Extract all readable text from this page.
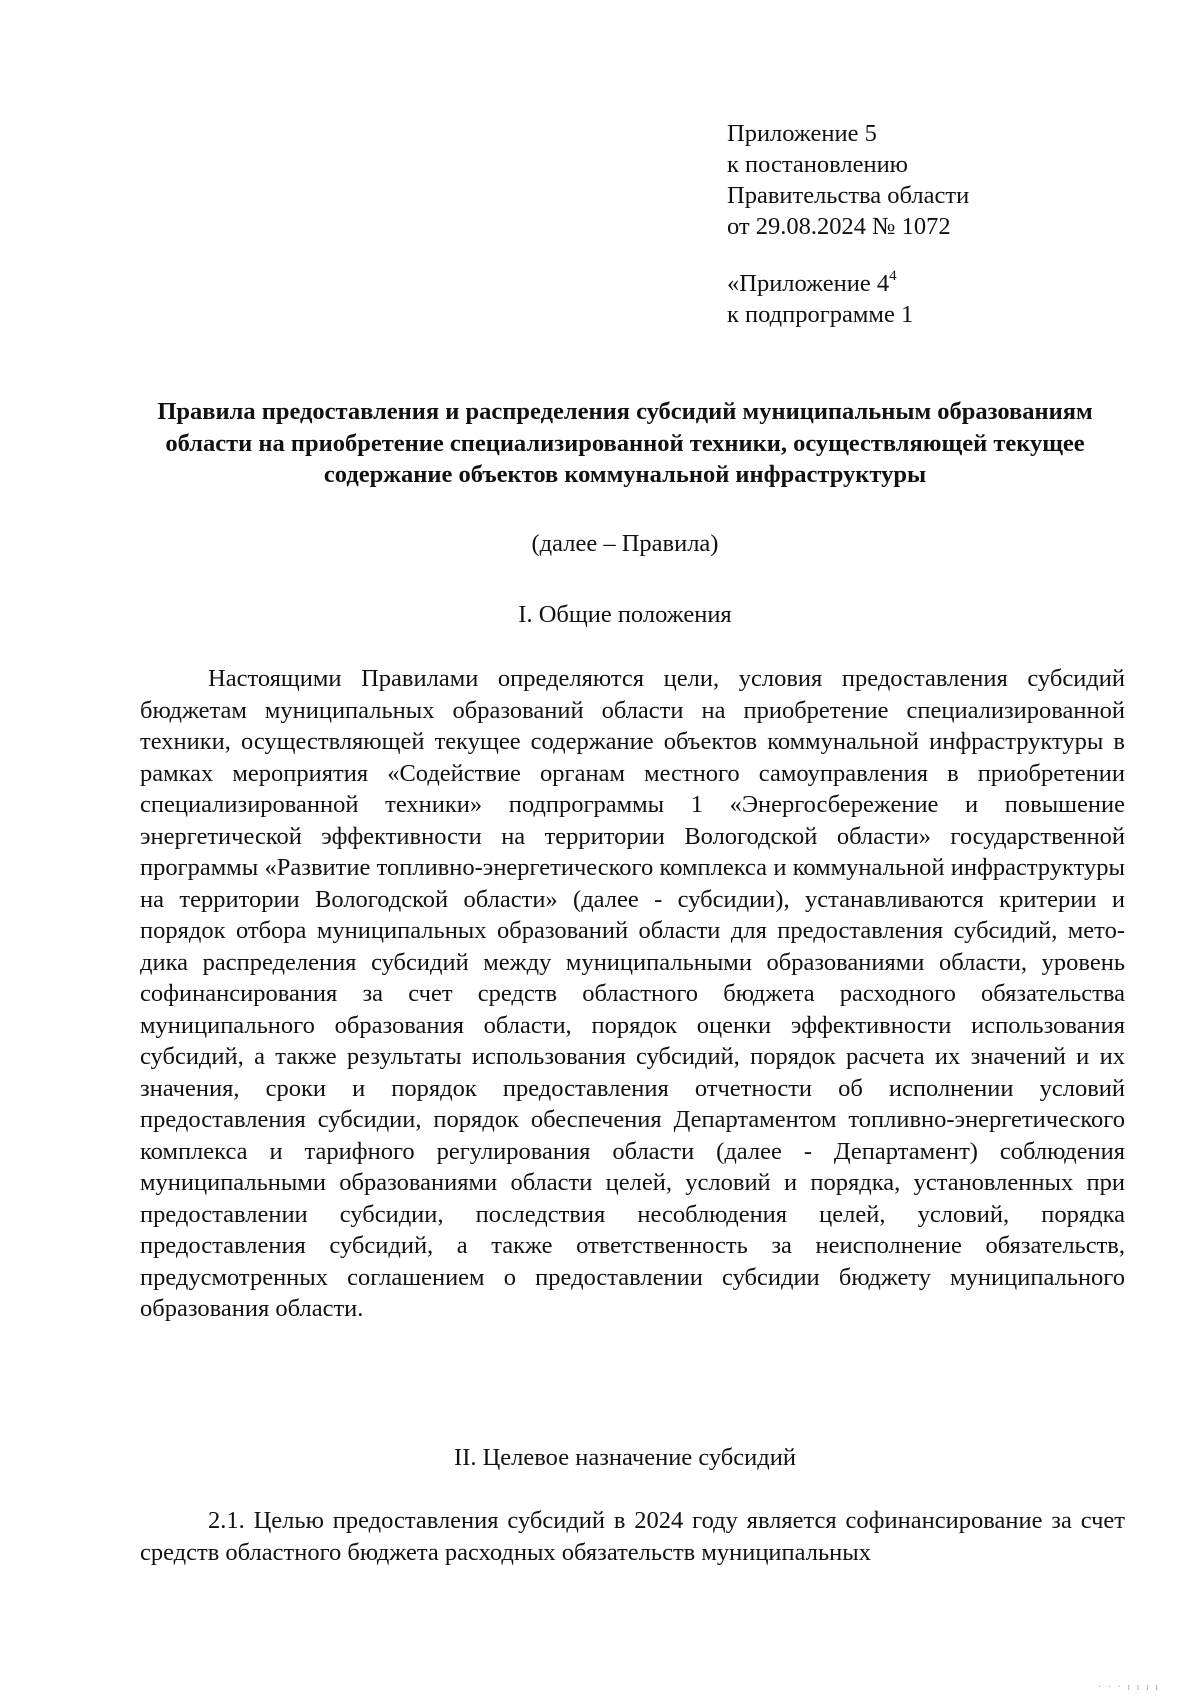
Приложение 5
к постановлению
Правительства области
от 29.08.2024 № 1072
«Приложение $4^4$
к подпрограмме 1
Правила предоставления и распределения субсидий муниципальным образованиям области на приобретение специализированной техники, осуществляющей текущее содержание объектов коммунальной инфраструктуры
(далее – Правила)
I. Общие положения
Настоящими Правилами определяются цели, условия предоставления субсидий бюджетам муниципальных образований области на приобретение специализированной техники, осуществляющей текущее содержание объектов коммунальной инфраструктуры в рамках мероприятия «Содействие органам местного самоуправления в приобретении специализированной техники» подпрограммы 1 «Энергосбережение и повышение энергетической эффективности на территории Вологодской области» государственной программы «Развитие топливно-энергетического комплекса и коммунальной инфраструктуры на территории Вологодской области» (далее - субсидии), устанавливаются критерии и порядок отбора муниципальных образований области для предоставления субсидий, методика распределения субсидий между муниципальными образованиями области, уровень софинансирования за счет средств областного бюджета расходного обязательства муниципального образования области, порядок оценки эффективности использования субсидий, а также результаты использования субсидий, порядок расчета их значений и их значения, сроки и порядок предоставления отчетности об исполнении условий предоставления субсидии, порядок обеспечения Департаментом топливно-энергетического комплекса и тарифного регулирования области (далее - Департамент) соблюдения муниципальными образованиями области целей, условий и порядка, установленных при предоставлении субсидии, последствия несоблюдения целей, условий, порядка предоставления субсидий, а также ответственность за неисполнение обязательств, предусмотренных соглашением о предоставлении субсидии бюджету муниципального образования области.
II. Целевое назначение субсидий
2.1. Целью предоставления субсидий в 2024 году является софинансирование за счет средств областного бюджета расходных обязательств муниципальных
· · · ı ı ı ı
